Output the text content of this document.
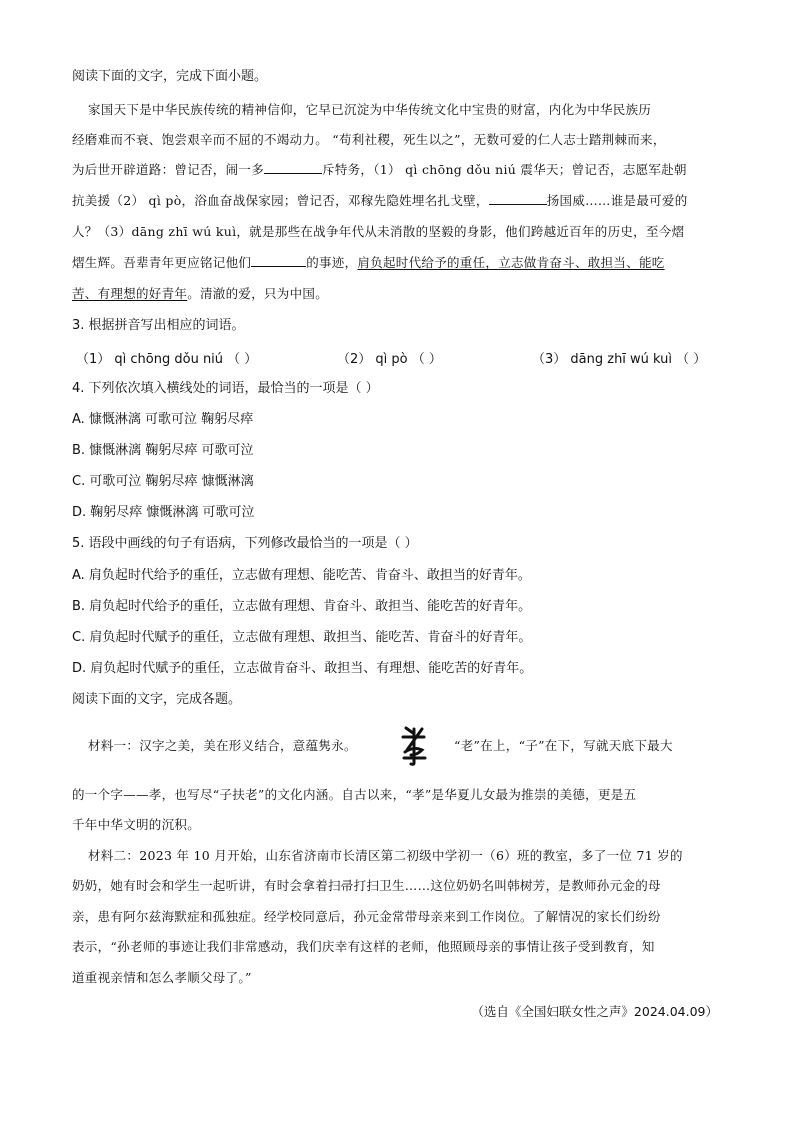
阅读下面的文字，完成下面小题。
家国天下是中华民族传统的精神信仰，它早已沉淀为中华传统文化中宝贵的财富，内化为中华民族历
经磨难而不衰、饱尝艰辛而不屈的不竭动力。 “苟利社稷，死生以之”，无数可爱的仁人志士踏荆棘而来，
为后世开辟道路：曾记否，闹一多	斥特务，（1） qì chōng dǒu niú 震华天；曾记否，志愿军赴朝
抗美援（2） qì pò，浴血奋战保家园；曾记否，邓稼先隐姓埋名扎戈壁，	扬国威……谁是最可爱的
人？（3）dāng zhī wú kuì，就是那些在战争年代从未消散的坚毅的身影，他们跨越近百年的历史，至今熠
熠生辉。吾辈青年更应铭记他们	的事迹，肩负起时代给予的重任，立志做肯奋斗、敢担当、能吃
苦、有理想的好青年。清澈的爱，只为中国。
3. 根据拼音写出相应的词语。
（1） qì chōng dǒu niú （ ）	（2） qì pò （ ）	（3） dāng zhī wú kuì （ ）
4. 下列依次填入横线处的词语，最恰当的一项是（ ）
A. 慷慨淋漓 可歌可泣 鞠躬尽瘁
B. 慷慨淋漓 鞠躬尽瘁 可歌可泣
C. 可歌可泣 鞠躬尽瘁 慷慨淋漓
D. 鞠躬尽瘁 慷慨淋漓 可歌可泣
5. 语段中画线的句子有语病，下列修改最恰当的一项是（ ）
A. 肩负起时代给予的重任，立志做有理想、能吃苦、肯奋斗、敢担当的好青年。
B. 肩负起时代给予的重任，立志做有理想、肯奋斗、敢担当、能吃苦的好青年。
C. 肩负起时代赋予的重任，立志做有理想、敢担当、能吃苦、肯奋斗的好青年。
D. 肩负起时代赋予的重任，立志做肯奋斗、敢担当、有理想、能吃苦的好青年。
阅读下面的文字，完成各题。
材料一：汉字之美，美在形义结合，意蕴隽永。	“老”在上，“子”在下，写就天底下最大
的一个字——孝，也写尽“子扶老”的文化内涵。自古以来，“孝”是华夏儿女最为推崇的美德，更是五
千年中华文明的沉积。
材料二：2023 年 10 月开始，山东省济南市长清区第二初级中学初一（6）班的教室，多了一位 71 岁的
奶奶，她有时会和学生一起听讲，有时会拿着扫帚打扫卫生……这位奶奶名叫韩树芳，是教师孙元金的母
亲，患有阿尔兹海默症和孤独症。经学校同意后，孙元金常带母亲来到工作岗位。了解情况的家长们纷纷
表示，“孙老师的事迹让我们非常感动，我们庆幸有这样的老师，他照顾母亲的事情让孩子受到教育，知
道重视亲情和怎么孝顺父母了。”
（选自《全国妇联女性之声》2024.04.09）
